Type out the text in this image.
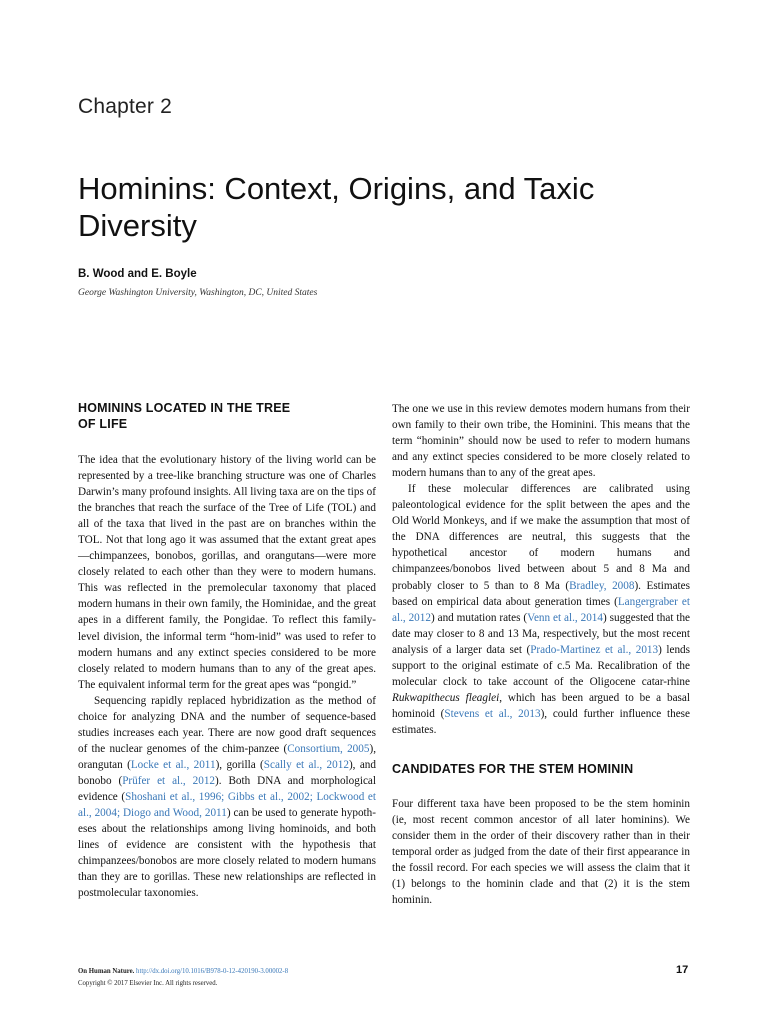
Chapter 2
Hominins: Context, Origins, and Taxic
Diversity
B. Wood and E. Boyle
George Washington University, Washington, DC, United States
HOMININS LOCATED IN THE TREE
OF LIFE

The idea that the evolutionary history of the living world can be represented by a tree-like branching structure was one of Charles Darwin’s many profound insights. All living taxa are on the tips of the branches that reach the surface of the Tree of Life (TOL) and all of the taxa that lived in the past are on branches within the TOL. Not that long ago it was assumed that the extant great apes—chimpanzees, bonobos, gorillas, and orangutans—were more closely related to each other than they were to modern humans. This was reflected in the premolecular taxonomy that placed modern humans in their own family, the Hominidae, and the great apes in a different family, the Pongidae. To reflect this family-level division, the informal term “hom-inid” was used to refer to modern humans and any extinct species considered to be more closely related to modern humans than to any of the great apes. The equivalent informal term for the great apes was “pongid.”

Sequencing rapidly replaced hybridization as the method of choice for analyzing DNA and the number of sequence-based studies increases each year. There are now good draft sequences of the nuclear genomes of the chim-panzee (Consortium, 2005), orangutan (Locke et al., 2011), gorilla (Scally et al., 2012), and bonobo (Prüfer et al., 2012). Both DNA and morphological evidence (Shoshani et al., 1996; Gibbs et al., 2002; Lockwood et al., 2004; Diogo and Wood, 2011) can be used to generate hypoth-eses about the relationships among living hominoids, and both lines of evidence are consistent with the hypothesis that chimpanzees/bonobos are more closely related to modern humans than they are to gorillas. These new relationships are reflected in postmolecular taxonomies.

The one we use in this review demotes modern humans from their own family to their own tribe, the Hominini. This means that the term “hominin” should now be used to refer to modern humans and any extinct species considered to be more closely related to modern humans than to any of the great apes.

If these molecular differences are calibrated using paleontological evidence for the split between the apes and the Old World Monkeys, and if we make the assumption that most of the DNA differences are neutral, this suggests that the hypothetical ancestor of modern humans and chimpanzees/bonobos lived between about 5 and 8 Ma and probably closer to 5 than to 8 Ma (Bradley, 2008). Estimates based on empirical data about generation times (Langergraber et al., 2012) and mutation rates (Venn et al., 2014) suggested that the date may closer to 8 and 13 Ma, respectively, but the most recent analysis of a larger data set (Prado-Martinez et al., 2013) lends support to the original estimate of c.5 Ma. Recalibration of the molecular clock to take account of the Oligocene catar-rhine Rukwapithecus fleaglei, which has been argued to be a basal hominoid (Stevens et al., 2013), could further influence these estimates.

CANDIDATES FOR THE STEM HOMININ

Four different taxa have been proposed to be the stem hominin (ie, most recent common ancestor of all later hominins). We consider them in the order of their discovery rather than in their temporal order as judged from the date of their first appearance in the fossil record. For each species we will assess the claim that it (1) belongs to the hominin clade and that (2) it is the stem hominin.

On Human Nature. http://dx.doi.org/10.1016/B978-0-12-420190-3.00002-8
Copyright © 2017 Elsevier Inc. All rights reserved.
17
